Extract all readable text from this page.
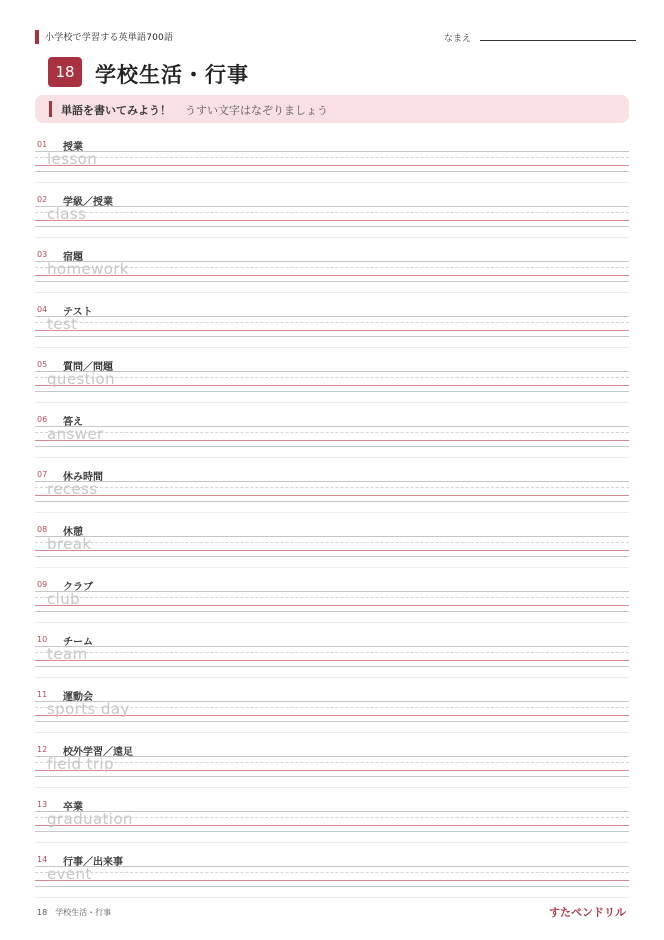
小学校で学習する英単語700語	なまえ
18 学校生活・行事
単語を書いてみよう！ うすい文字はなぞりましょう
01 授業
lesson
02 学級／授業
class
03 宿題
homework
04 テスト
test
05 質問／問題
question
06 答え
answer
07 休み時間
recess
08 休憩
break
09 クラブ
club
10 チーム
team
11 運動会
sports day
12 校外学習／遠足
field trip
13 卒業
graduation
14 行事／出来事
event
18 学校生活・行事	すたペンドリル
